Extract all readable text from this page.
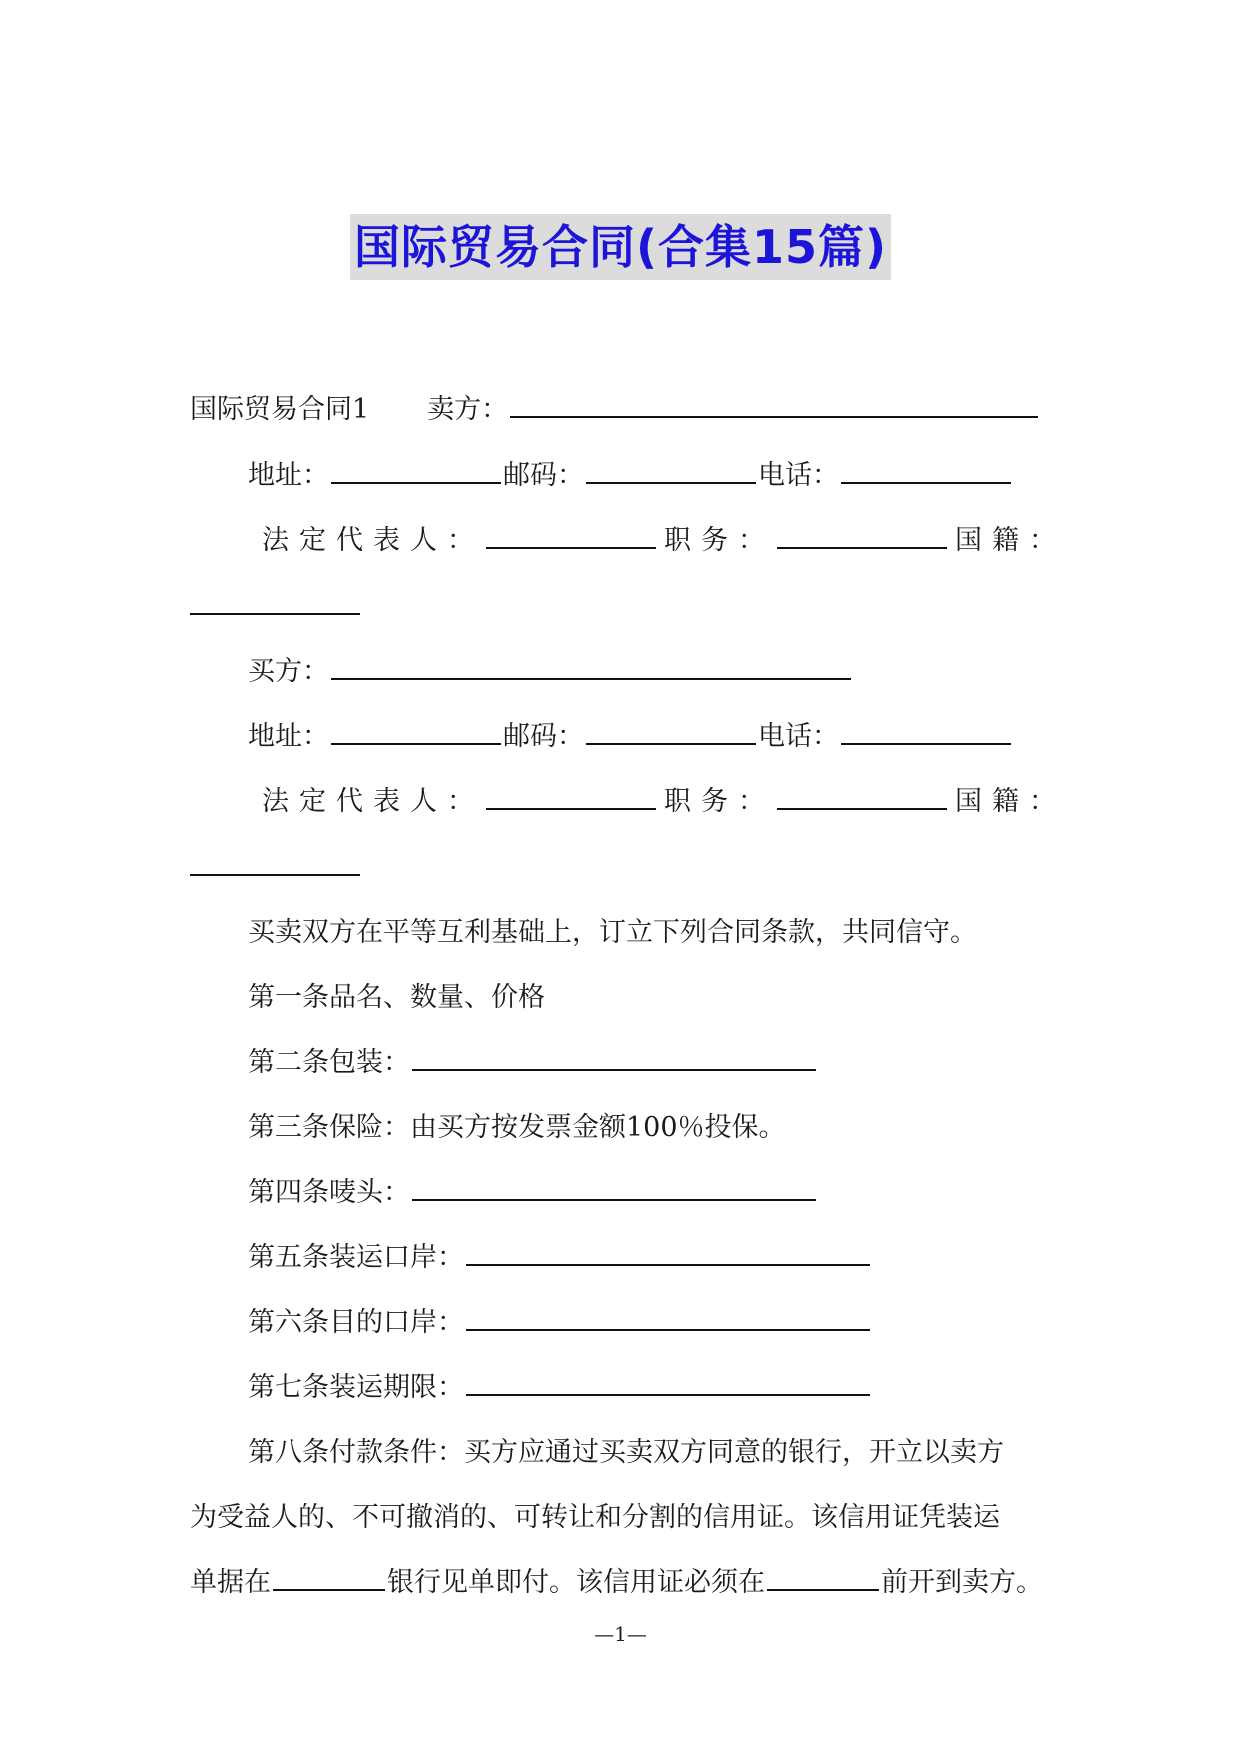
国际贸易合同(合集15篇)
国际贸易合同1 卖方：
地址：	邮码：	电话：
法定代表人：	职务：	国籍：
买方：
地址：	邮码：	电话：
法定代表人：	职务：	国籍：
买卖双方在平等互利基础上，订立下列合同条款，共同信守。
第一条品名、数量、价格
第二条包装：
第三条保险：由买方按发票金额100％投保。
第四条唛头：
第五条装运口岸：
第六条目的口岸：
第七条装运期限：
第八条付款条件：买方应通过买卖双方同意的银行，开立以卖方
为受益人的、不可撤消的、可转让和分割的信用证。该信用证凭装运
单据在	银行见单即付。该信用证必须在	前开到卖方。
—1—
